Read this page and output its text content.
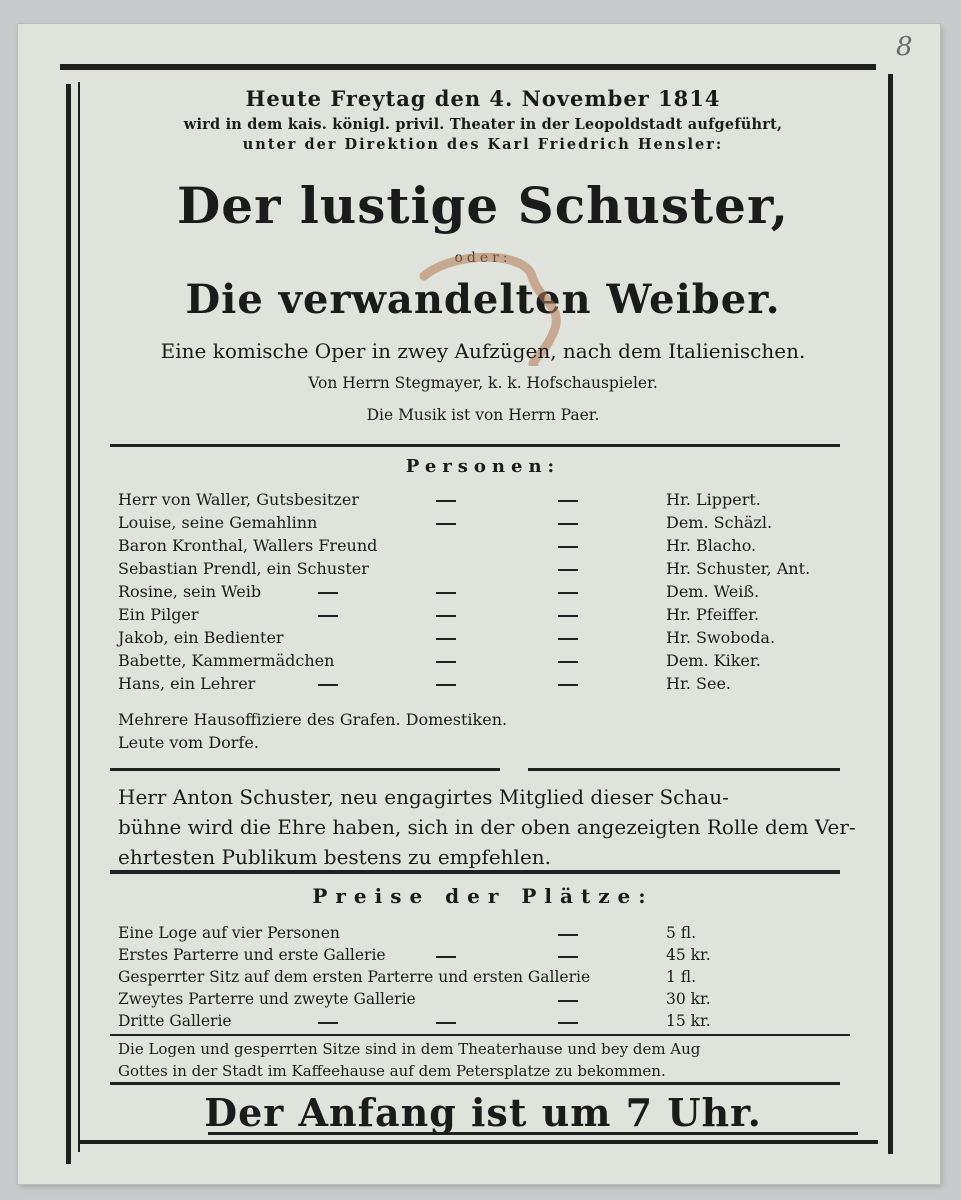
8
Heute Freytag den 4. November 1814
wird in dem kais. königl. privil. Theater in der Leopoldstadt aufgeführt,
unter der Direktion des Karl Friedrich Hensler:
Der lustige Schuster,
oder:
Die verwandelten Weiber.
Eine komische Oper in zwey Aufzügen, nach dem Italienischen.
Von Herrn Stegmayer, k. k. Hofschauspieler.
Die Musik ist von Herrn Paer.
Personen:
Herr von Waller, Gutsbesitzer	Hr. Lippert.
Louise, seine Gemahlinn	Dem. Schäzl.
Baron Kronthal, Wallers Freund	Hr. Blacho.
Sebastian Prendl, ein Schuster	Hr. Schuster, Ant.
Rosine, sein Weib	Dem. Weiß.
Ein Pilger	Hr. Pfeiffer.
Jakob, ein Bedienter	Hr. Swoboda.
Babette, Kammermädchen	Dem. Kiker.
Hans, ein Lehrer	Hr. See.
Mehrere Hausoffiziere des Grafen. Domestiken.
Leute vom Dorfe.
Herr Anton Schuster, neu engagirtes Mitglied dieser Schau-
bühne wird die Ehre haben, sich in der oben angezeigten Rolle dem Ver-
ehrtesten Publikum bestens zu empfehlen.
Preise der Plätze:
Eine Loge auf vier Personen	5 fl.
Erstes Parterre und erste Gallerie	45 kr.
Gesperrter Sitz auf dem ersten Parterre und ersten Gallerie	1 fl.
Zweytes Parterre und zweyte Gallerie	30 kr.
Dritte Gallerie	15 kr.
Die Logen und gesperrten Sitze sind in dem Theaterhause und bey dem Aug
Gottes in der Stadt im Kaffeehause auf dem Petersplatze zu bekommen.
Der Anfang ist um 7 Uhr.
